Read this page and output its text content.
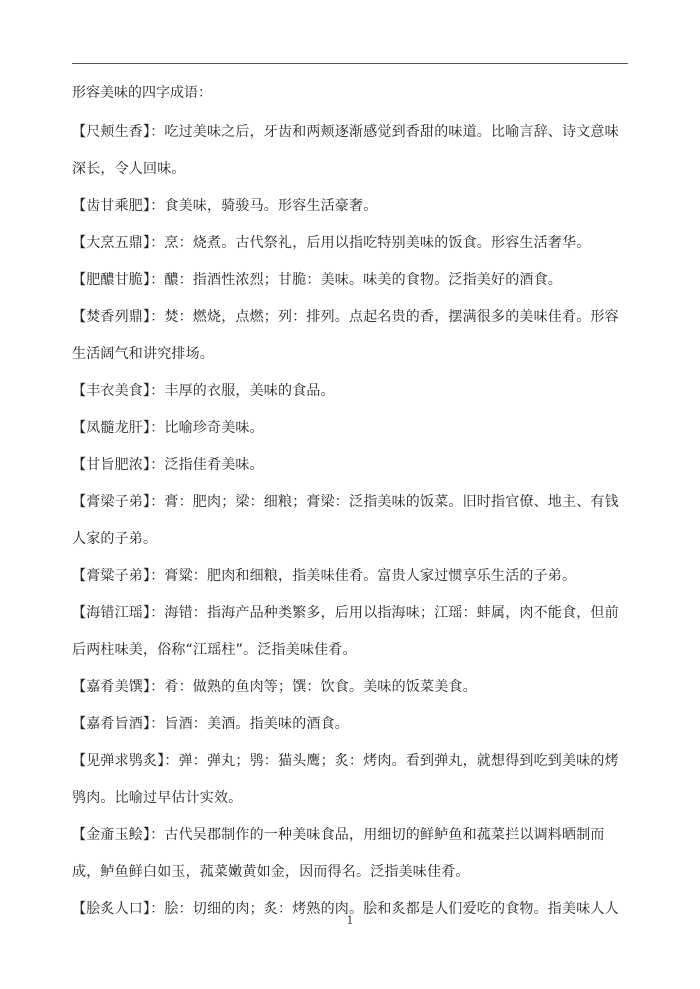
形容美味的四字成语：

【尺颊生香】：吃过美味之后，牙齿和两颊逐渐感觉到香甜的味道。比喻言辞、诗文意味深长，令人回味。

【齿甘乘肥】：食美味，骑骏马。形容生活豪奢。

【大烹五鼎】：烹：烧煮。古代祭礼，后用以指吃特别美味的饭食。形容生活奢华。

【肥醲甘脆】：醲：指酒性浓烈；甘脆：美味。味美的食物。泛指美好的酒食。

【焚香列鼎】：焚：燃烧，点燃；列：排列。点起名贵的香，摆满很多的美味佳肴。形容生活阔气和讲究排场。

【丰衣美食】：丰厚的衣服，美味的食品。

【凤髓龙肝】：比喻珍奇美味。

【甘旨肥浓】：泛指佳肴美味。

【膏梁子弟】：膏：肥肉；梁：细粮；膏梁：泛指美味的饭菜。旧时指官僚、地主、有钱人家的子弟。

【膏粱子弟】：膏粱：肥肉和细粮，指美味佳肴。富贵人家过惯享乐生活的子弟。

【海错江瑶】：海错：指海产品种类繁多，后用以指海味；江瑶：蚌属，肉不能食，但前后两柱味美，俗称“江瑶柱”。泛指美味佳肴。

【嘉肴美馔】：肴：做熟的鱼肉等；馔：饮食。美味的饭菜美食。

【嘉肴旨酒】：旨酒：美酒。指美味的酒食。

【见弹求鸮炙】：弹：弹丸；鸮：猫头鹰；炙：烤肉。看到弹丸，就想得到吃到美味的烤鸮肉。比喻过早估计实效。

【金齑玉鲙】：古代吴郡制作的一种美味食品，用细切的鲜鲈鱼和菰菜拦以调料晒制而成，鲈鱼鲜白如玉，菰菜嫩黄如金，因而得名。泛指美味佳肴。

【脍炙人口】：脍：切细的肉；炙：烤熟的肉。脍和炙都是人们爱吃的食物。指美味人人

1
